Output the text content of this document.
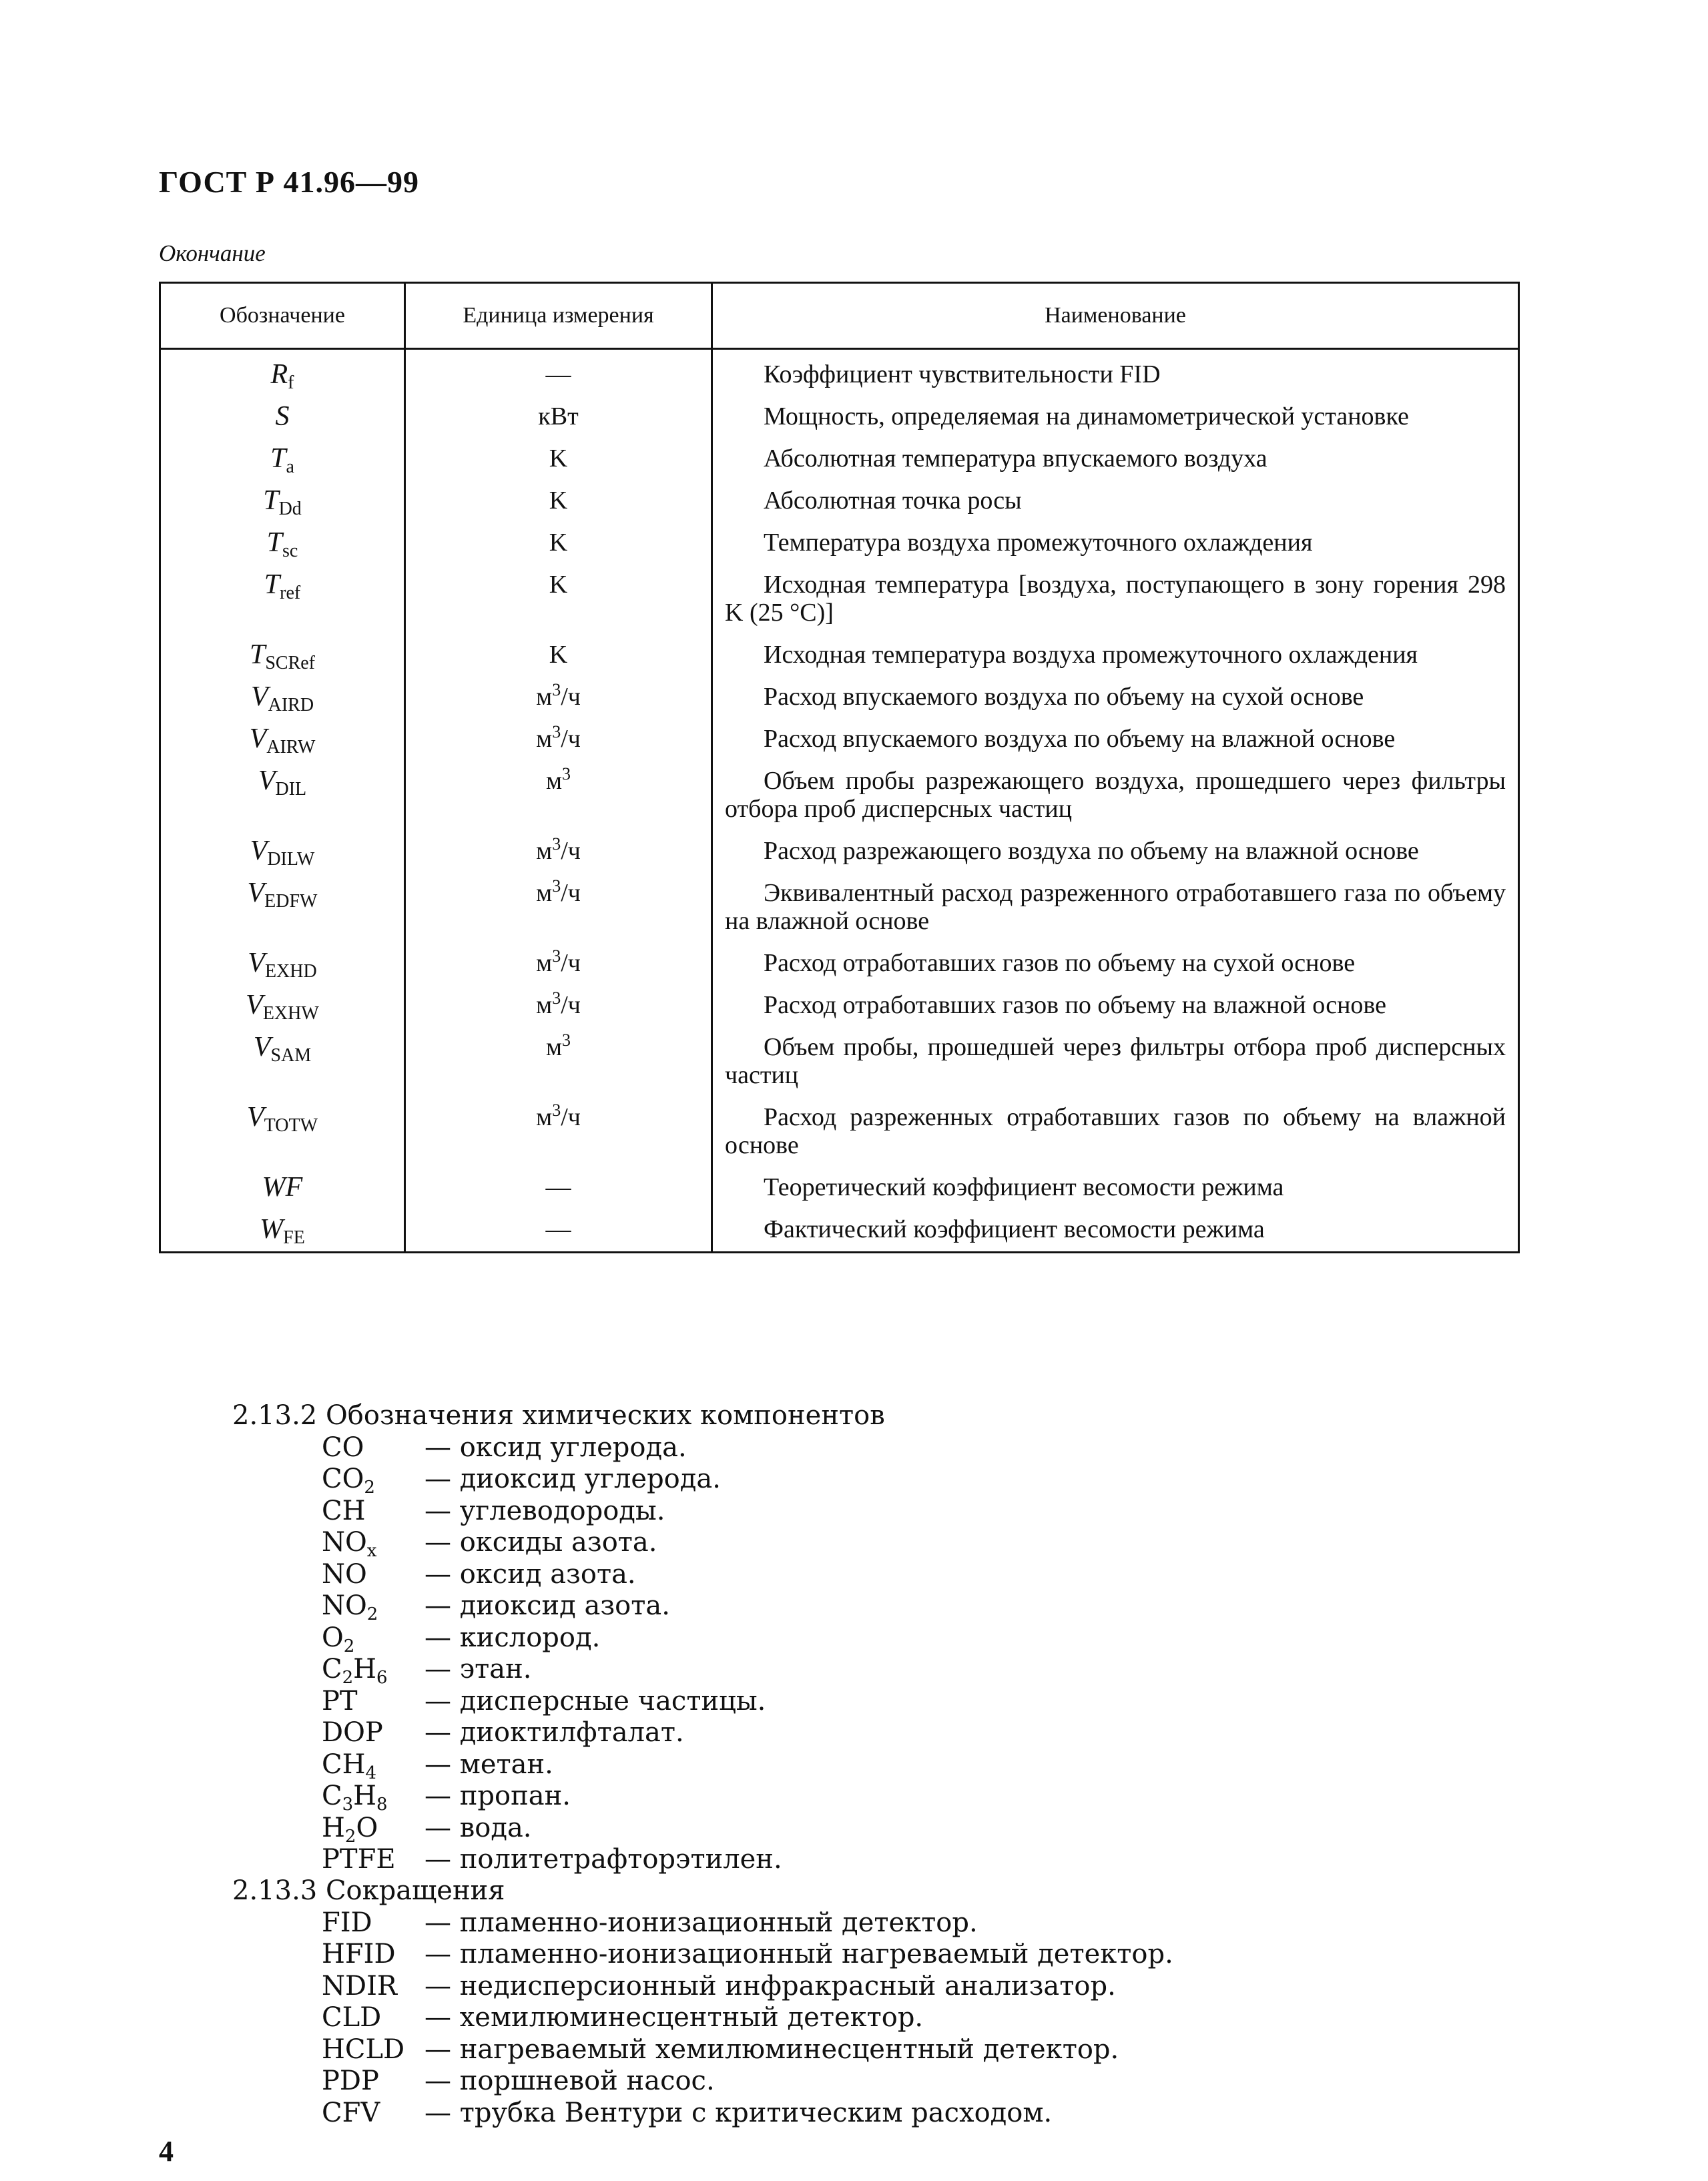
ГОСТ Р 41.96—99
Окончание
Обозначение	Единица измерения	Наименование
$R_f$	—	Коэффициент чувствительности FID
S	кВт	Мощность, определяемая на динамометрической установке
$T_a$	K	Абсолютная температура впускаемого воздуха
$T_{Dd}$	K	Абсолютная точка росы
$T_{sc}$	K	Температура воздуха промежуточного охлаждения
$T_{ref}$	K	Исходная температура [воздуха, поступающего в зону горения 298 K (25 °С)]
$T_{SCRef}$	K	Исходная температура воздуха промежуточного охлаждения
$V_{AIRD}$	$м^3/ч$	Расход впускаемого воздуха по объему на сухой основе
$V_{AIRW}$	$м^3/ч$	Расход впускаемого воздуха по объему на влажной основе
$V_{DIL}$	$м^3$	Объем пробы разрежающего воздуха, прошедшего через фильтры отбора проб дисперсных частиц
$V_{DILW}$	$м^3/ч$	Расход разрежающего воздуха по объему на влажной основе
$V_{EDFW}$	$м^3/ч$	Эквивалентный расход разреженного отработавшего газа по объему на влажной основе
$V_{EXHD}$	$м^3/ч$	Расход отработавших газов по объему на сухой основе
$V_{EXHW}$	$м^3/ч$	Расход отработавших газов по объему на влажной основе
$V_{SAM}$	$м^3$	Объем пробы, прошедшей через фильтры отбора проб дисперсных частиц
$V_{TOTW}$	$м^3/ч$	Расход разреженных отработавших газов по объему на влажной основе
WF	—	Теоретический коэффициент весомости режима
$W_{FE}$	—	Фактический коэффициент весомости режима
2.13.2 Обозначения химических компонентов
CO — оксид углерода.
$CO_2$ — диоксид углерода.
CH — углеводороды.
$NO_x$ — оксиды азота.
NO — оксид азота.
$NO_2$ — диоксид азота.
$O_2$	— кислород.
$C_2H_6$ — этан.
PT	— дисперсные частицы.
DOP — диоктилфталат.
$CH_4$ — метан.
$C_3H_8$ — пропан.
$H_2O$ — вода.
PTFE — политетрафторэтилен.
2.13.3 Сокращения
FID — пламенно-ионизационный детектор.
HFID — пламенно-ионизационный нагреваемый детектор.
NDIR — недисперсионный инфракрасный анализатор.
CLD — хемилюминесцентный детектор.
HCLD — нагреваемый хемилюминесцентный детектор.
PDP — поршневой насос.
CFV — трубка Вентури с критическим расходом.
4
